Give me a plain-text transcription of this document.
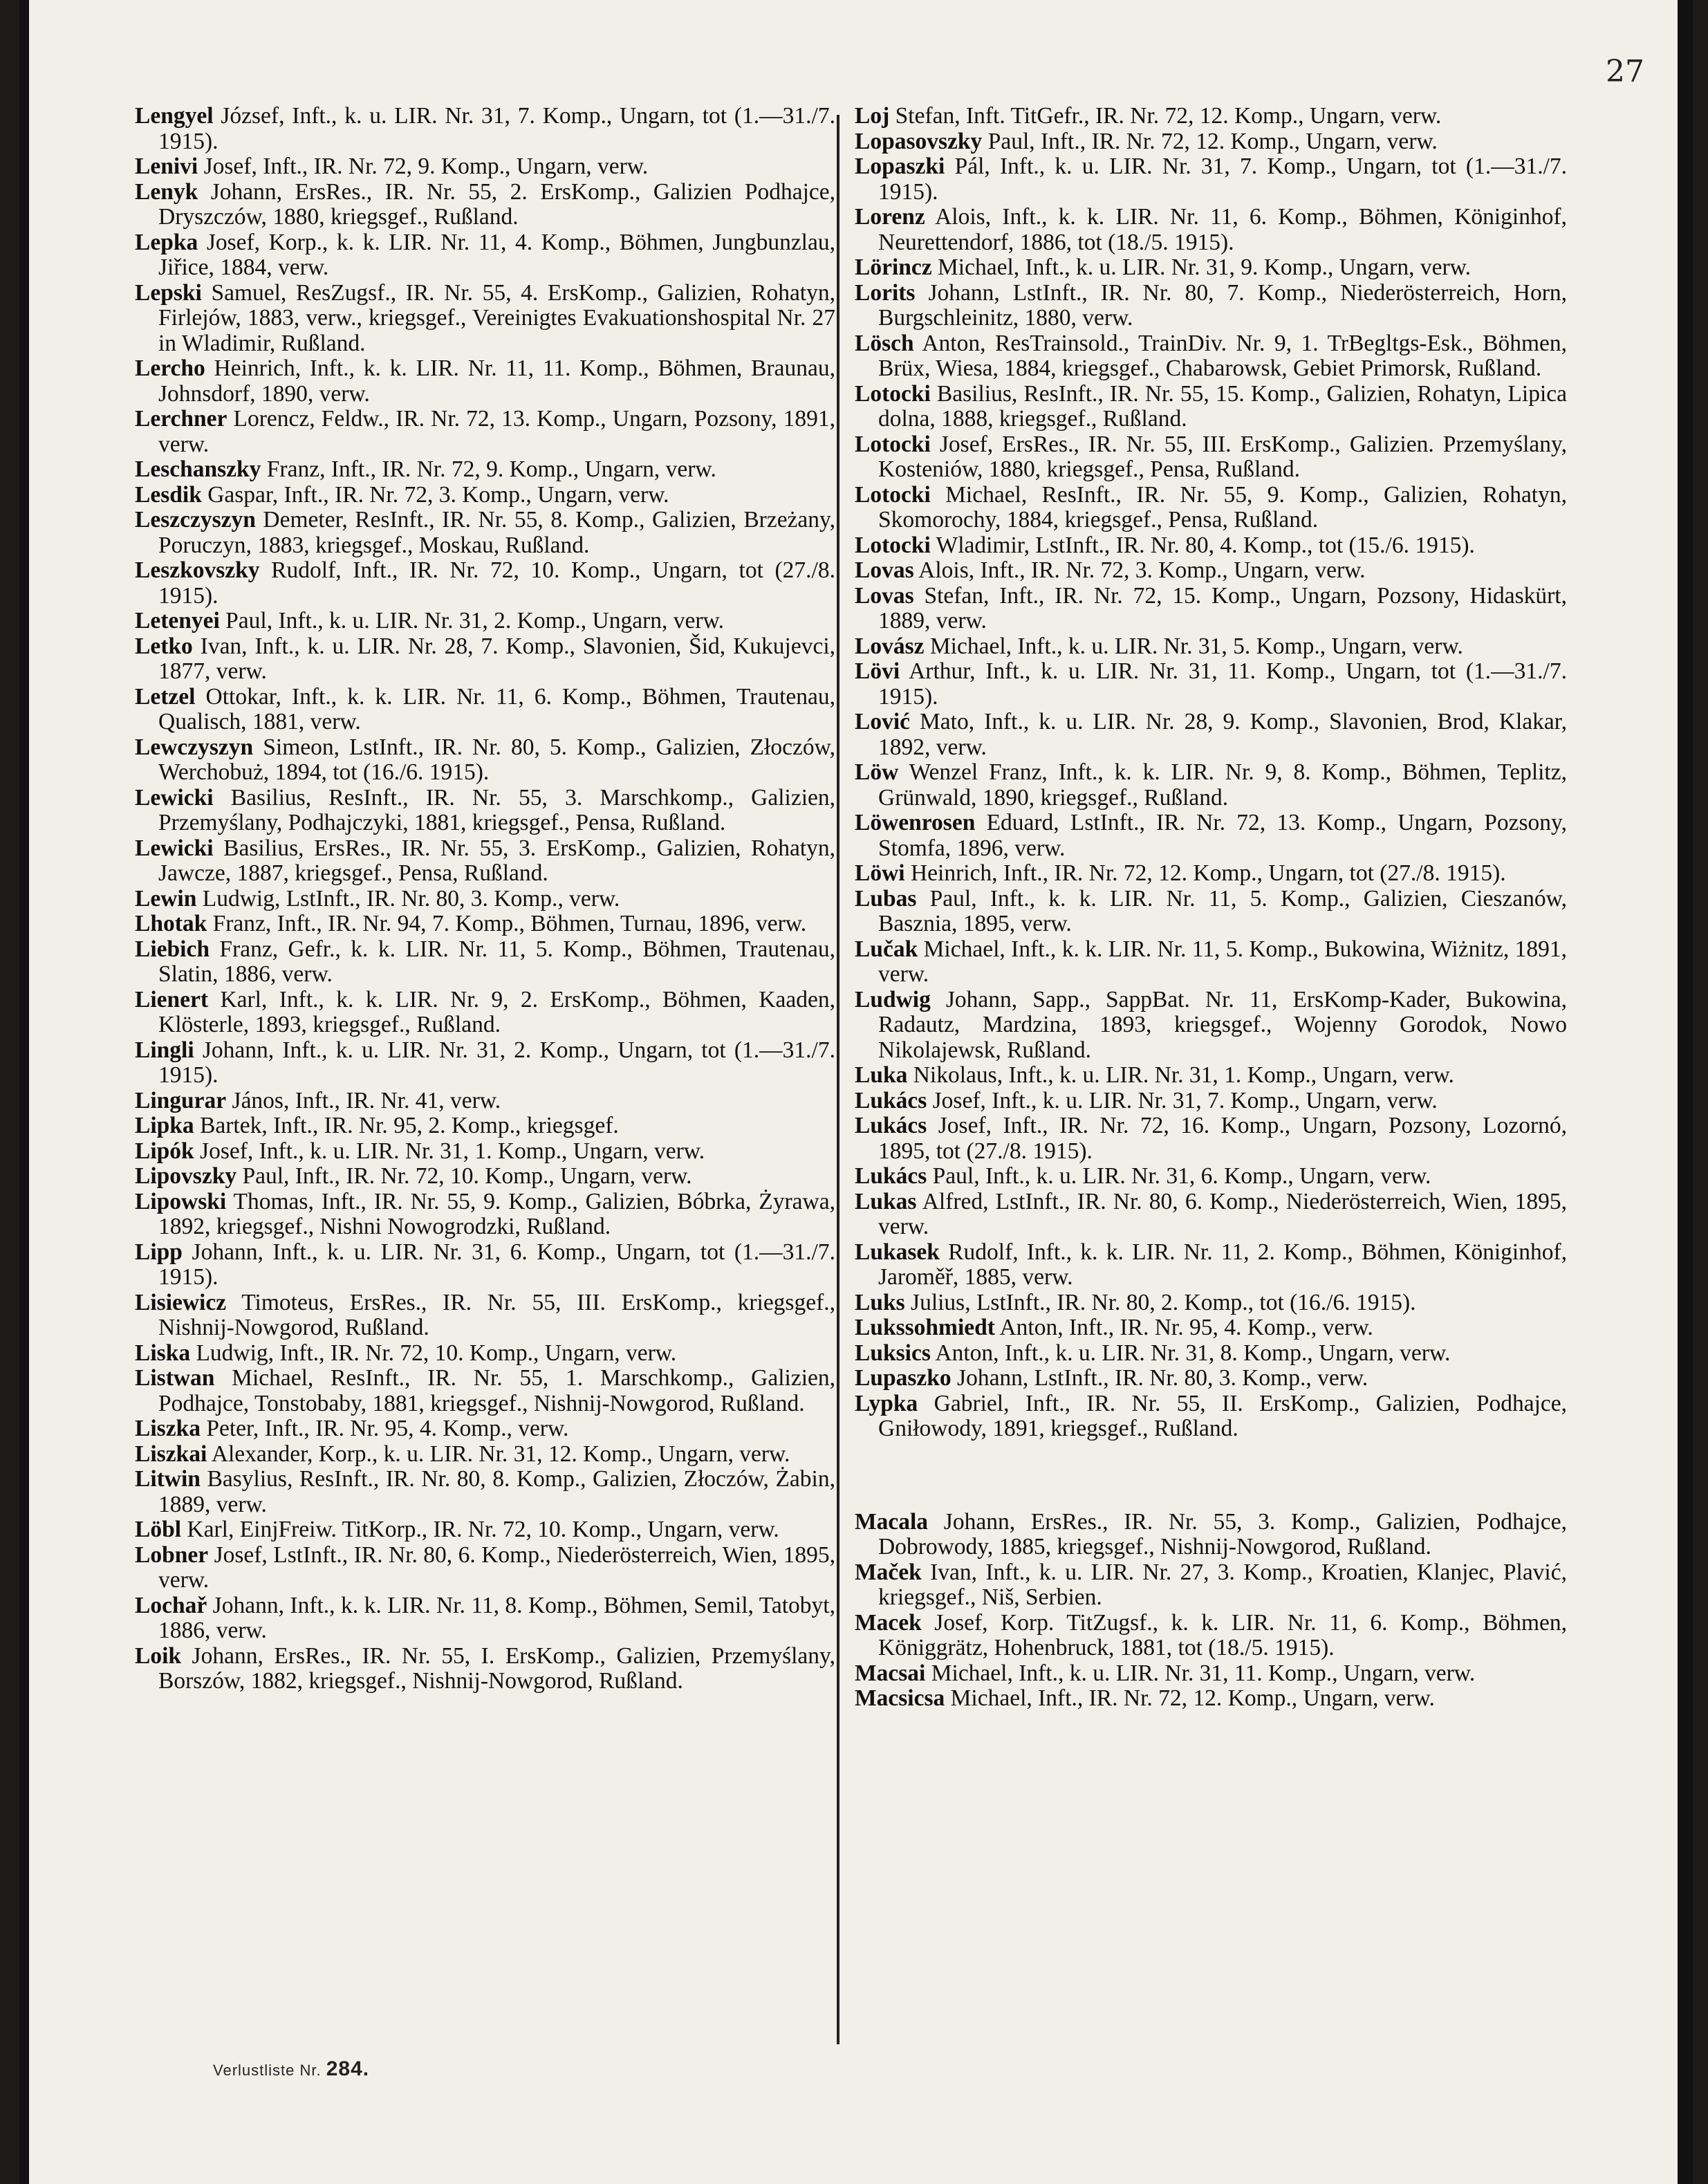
27

Lengyel József, Inft., k. u. LIR. Nr. 31, 7. Komp., Ungarn, tot (1.—31./7. 1915).

Lenivi Josef, Inft., IR. Nr. 72, 9. Komp., Ungarn, verw.

Lenyk Johann, ErsRes., IR. Nr. 55, 2. ErsKomp., Galizien Podhajce, Dryszczów, 1880, kriegsgef., Rußland.

Lepka Josef, Korp., k. k. LIR. Nr. 11, 4. Komp., Böhmen, Jungbunzlau, Jiřice, 1884, verw.

Lepski Samuel, ResZugsf., IR. Nr. 55, 4. ErsKomp., Galizien, Rohatyn, Firlejów, 1883, verw., kriegsgef., Vereinigtes Evakuationshospital Nr. 27 in Wladimir, Rußland.

Lercho Heinrich, Inft., k. k. LIR. Nr. 11, 11. Komp., Böhmen, Braunau, Johnsdorf, 1890, verw.

Lerchner Lorencz, Feldw., IR. Nr. 72, 13. Komp., Ungarn, Pozsony, 1891, verw.

Leschanszky Franz, Inft., IR. Nr. 72, 9. Komp., Ungarn, verw.

Lesdik Gaspar, Inft., IR. Nr. 72, 3. Komp., Ungarn, verw.

Leszczyszyn Demeter, ResInft., IR. Nr. 55, 8. Komp., Galizien, Brzeżany, Poruczyn, 1883, kriegsgef., Moskau, Rußland.

Leszkovszky Rudolf, Inft., IR. Nr. 72, 10. Komp., Ungarn, tot (27./8. 1915).

Letenyei Paul, Inft., k. u. LIR. Nr. 31, 2. Komp., Ungarn, verw.

Letko Ivan, Inft., k. u. LIR. Nr. 28, 7. Komp., Slavonien, Šid, Kukujevci, 1877, verw.

Letzel Ottokar, Inft., k. k. LIR. Nr. 11, 6. Komp., Böhmen, Trautenau, Qualisch, 1881, verw.

Lewczyszyn Simeon, LstInft., IR. Nr. 80, 5. Komp., Galizien, Złoczów, Werchobuż, 1894, tot (16./6. 1915).

Lewicki Basilius, ResInft., IR. Nr. 55, 3. Marschkomp., Galizien, Przemyślany, Podhajczyki, 1881, kriegsgef., Pensa, Rußland.

Lewicki Basilius, ErsRes., IR. Nr. 55, 3. ErsKomp., Galizien, Rohatyn, Jawcze, 1887, kriegsgef., Pensa, Rußland.

Lewin Ludwig, LstInft., IR. Nr. 80, 3. Komp., verw.

Lhotak Franz, Inft., IR. Nr. 94, 7. Komp., Böhmen, Turnau, 1896, verw.

Liebich Franz, Gefr., k. k. LIR. Nr. 11, 5. Komp., Böhmen, Trautenau, Slatin, 1886, verw.

Lienert Karl, Inft., k. k. LIR. Nr. 9, 2. ErsKomp., Böhmen, Kaaden, Klösterle, 1893, kriegsgef., Rußland.

Lingli Johann, Inft., k. u. LIR. Nr. 31, 2. Komp., Ungarn, tot (1.—31./7. 1915).

Lingurar János, Inft., IR. Nr. 41, verw.

Lipka Bartek, Inft., IR. Nr. 95, 2. Komp., kriegsgef.

Lipók Josef, Inft., k. u. LIR. Nr. 31, 1. Komp., Ungarn, verw.

Lipovszky Paul, Inft., IR. Nr. 72, 10. Komp., Ungarn, verw.

Lipowski Thomas, Inft., IR. Nr. 55, 9. Komp., Galizien, Bóbrka, Żyrawa, 1892, kriegsgef., Nishni Nowogrodzki, Rußland.

Lipp Johann, Inft., k. u. LIR. Nr. 31, 6. Komp., Ungarn, tot (1.—31./7. 1915).

Lisiewicz Timoteus, ErsRes., IR. Nr. 55, III. ErsKomp., kriegsgef., Nishnij-Nowgorod, Rußland.

Liska Ludwig, Inft., IR. Nr. 72, 10. Komp., Ungarn, verw.

Listwan Michael, ResInft., IR. Nr. 55, 1. Marschkomp., Galizien, Podhajce, Tonstobaby, 1881, kriegsgef., Nishnij-Nowgorod, Rußland.

Liszka Peter, Inft., IR. Nr. 95, 4. Komp., verw.

Liszkai Alexander, Korp., k. u. LIR. Nr. 31, 12. Komp., Ungarn, verw.

Litwin Basylius, ResInft., IR. Nr. 80, 8. Komp., Galizien, Złoczów, Żabin, 1889, verw.

Löbl Karl, EinjFreiw. TitKorp., IR. Nr. 72, 10. Komp., Ungarn, verw.

Lobner Josef, LstInft., IR. Nr. 80, 6. Komp., Niederösterreich, Wien, 1895, verw.

Lochař Johann, Inft., k. k. LIR. Nr. 11, 8. Komp., Böhmen, Semil, Tatobyt, 1886, verw.

Loik Johann, ErsRes., IR. Nr. 55, I. ErsKomp., Galizien, Przemyślany, Borszów, 1882, kriegsgef., Nishnij-Nowgorod, Rußland.

Loj Stefan, Inft. TitGefr., IR. Nr. 72, 12. Komp., Ungarn, verw.

Lopasovszky Paul, Inft., IR. Nr. 72, 12. Komp., Ungarn, verw.

Lopaszki Pál, Inft., k. u. LIR. Nr. 31, 7. Komp., Ungarn, tot (1.—31./7. 1915).

Lorenz Alois, Inft., k. k. LIR. Nr. 11, 6. Komp., Böhmen, Königinhof, Neurettendorf, 1886, tot (18./5. 1915).

Lörincz Michael, Inft., k. u. LIR. Nr. 31, 9. Komp., Ungarn, verw.

Lorits Johann, LstInft., IR. Nr. 80, 7. Komp., Niederösterreich, Horn, Burgschleinitz, 1880, verw.

Lösch Anton, ResTrainsold., TrainDiv. Nr. 9, 1. TrBegltgs-Esk., Böhmen, Brüx, Wiesa, 1884, kriegsgef., Chabarowsk, Gebiet Primorsk, Rußland.

Lotocki Basilius, ResInft., IR. Nr. 55, 15. Komp., Galizien, Rohatyn, Lipica dolna, 1888, kriegsgef., Rußland.

Lotocki Josef, ErsRes., IR. Nr. 55, III. ErsKomp., Galizien. Przemyślany, Kosteniów, 1880, kriegsgef., Pensa, Rußland.

Lotocki Michael, ResInft., IR. Nr. 55, 9. Komp., Galizien, Rohatyn, Skomorochy, 1884, kriegsgef., Pensa, Rußland.

Lotocki Wladimir, LstInft., IR. Nr. 80, 4. Komp., tot (15./6. 1915).

Lovas Alois, Inft., IR. Nr. 72, 3. Komp., Ungarn, verw.

Lovas Stefan, Inft., IR. Nr. 72, 15. Komp., Ungarn, Pozsony, Hidaskürt, 1889, verw.

Lovász Michael, Inft., k. u. LIR. Nr. 31, 5. Komp., Ungarn, verw.

Lövi Arthur, Inft., k. u. LIR. Nr. 31, 11. Komp., Ungarn, tot (1.—31./7. 1915).

Lović Mato, Inft., k. u. LIR. Nr. 28, 9. Komp., Slavonien, Brod, Klakar, 1892, verw.

Löw Wenzel Franz, Inft., k. k. LIR. Nr. 9, 8. Komp., Böhmen, Teplitz, Grünwald, 1890, kriegsgef., Rußland.

Löwenrosen Eduard, LstInft., IR. Nr. 72, 13. Komp., Ungarn, Pozsony, Stomfa, 1896, verw.

Löwi Heinrich, Inft., IR. Nr. 72, 12. Komp., Ungarn, tot (27./8. 1915).

Lubas Paul, Inft., k. k. LIR. Nr. 11, 5. Komp., Galizien, Cieszanów, Basznia, 1895, verw.

Lučak Michael, Inft., k. k. LIR. Nr. 11, 5. Komp., Bukowina, Wiżnitz, 1891, verw.

Ludwig Johann, Sapp., SappBat. Nr. 11, ErsKomp-Kader, Bukowina, Radautz, Mardzina, 1893, kriegsgef., Wojenny Gorodok, Nowo Nikolajewsk, Rußland.

Luka Nikolaus, Inft., k. u. LIR. Nr. 31, 1. Komp., Ungarn, verw.

Lukács Josef, Inft., k. u. LIR. Nr. 31, 7. Komp., Ungarn, verw.

Lukács Josef, Inft., IR. Nr. 72, 16. Komp., Ungarn, Pozsony, Lozornó, 1895, tot (27./8. 1915).

Lukács Paul, Inft., k. u. LIR. Nr. 31, 6. Komp., Ungarn, verw.

Lukas Alfred, LstInft., IR. Nr. 80, 6. Komp., Niederösterreich, Wien, 1895, verw.

Lukasek Rudolf, Inft., k. k. LIR. Nr. 11, 2. Komp., Böhmen, Königinhof, Jaroměř, 1885, verw.

Luks Julius, LstInft., IR. Nr. 80, 2. Komp., tot (16./6. 1915).

Lukssohmiedt Anton, Inft., IR. Nr. 95, 4. Komp., verw.

Luksics Anton, Inft., k. u. LIR. Nr. 31, 8. Komp., Ungarn, verw.

Lupaszko Johann, LstInft., IR. Nr. 80, 3. Komp., verw.

Lypka Gabriel, Inft., IR. Nr. 55, II. ErsKomp., Galizien, Podhajce, Gniłowody, 1891, kriegsgef., Rußland.

Macala Johann, ErsRes., IR. Nr. 55, 3. Komp., Galizien, Podhajce, Dobrowody, 1885, kriegsgef., Nishnij-Nowgorod, Rußland.

Maček Ivan, Inft., k. u. LIR. Nr. 27, 3. Komp., Kroatien, Klanjec, Plavić, kriegsgef., Niš, Serbien.

Macek Josef, Korp. TitZugsf., k. k. LIR. Nr. 11, 6. Komp., Böhmen, Königgrätz, Hohenbruck, 1881, tot (18./5. 1915).

Macsai Michael, Inft., k. u. LIR. Nr. 31, 11. Komp., Ungarn, verw.

Macsicsa Michael, Inft., IR. Nr. 72, 12. Komp., Ungarn, verw.

Verlustliste Nr. 284.
